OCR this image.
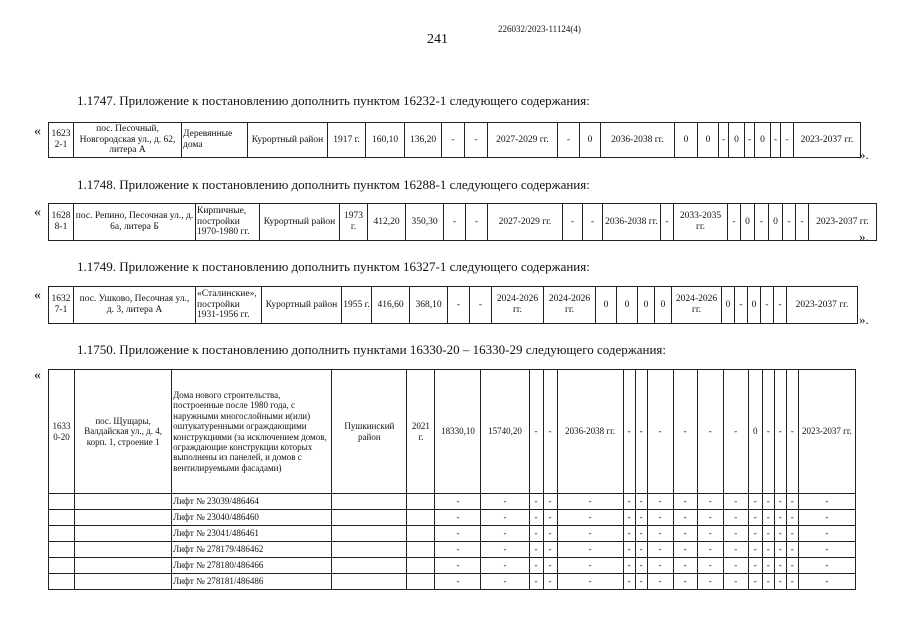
241
226032/2023-11124(4)
1.1747. Приложение к постановлению дополнить пунктом 16232-1 следующего содержания:
« 1623 2-1	пос. Песочный, Новгородская ул., д. 62, литера А	Деревянные дома	Курортный район	1917 г.	160,10	136,20	-	-	2027-2029 гг.	-	0	2036-2038 гг.	0	0	-	0	-	0	-	-	2023-2037 гг.
».
1.1748. Приложение к постановлению дополнить пунктом 16288-1 следующего содержания:
« 1628 8-1	пос. Репино, Песочная ул., д. 6а, литера Б	Кирпичные, постройки 1970-1980 гг.	Курортный район	1973 г.	412,20	350,30	-	-	2027-2029 гг.	-	-	2036-2038 гг.	-	2033-2035 гг.	-	0	-	0	-	-	2023-2037 гг.
».
1.1749. Приложение к постановлению дополнить пунктом 16327-1 следующего содержания:
« 1632 7-1	пос. Ушково, Песочная ул., д. 3, литера А	«Сталинские», постройки 1931-1956 гг.	Курортный район	1955 г.	416,60	368,10	-	-	2024-2026 гг.	2024-2026 гг.	0	0	0	0	2024-2026 гг.	0	-	0	-	-	2023-2037 гг.
».
1.1750. Приложение к постановлению дополнить пунктами 16330-20 – 16330-29 следующего содержания:
«
1633 0-20	пос. Щущары, Валдайская ул., д. 4, корп. 1, строение 1	Дома нового строительства, построенные после 1980 года, с наружными многослойными и(или) оштукатуренными ограждающими конструкциями (за исключением домов, ограждающие конструкции которых выполнены из панелей, и домов с вентилируемыми фасадами)	Пушкинский район	2021 г.	18330,10	15740,20	-	-	2036-2038 гг.	-	-	-	-	-	-	0	-	-	-	2023-2037 гг.
		Лифт № 23039/486464			-	-	-	-	-	-	-	-	-	-	-	-	-	-	-	-
		Лифт № 23040/486460			-	-	-	-	-	-	-	-	-	-	-	-	-	-	-	-
		Лифт № 23041/486461			-	-	-	-	-	-	-	-	-	-	-	-	-	-	-	-
		Лифт № 278179/486462			-	-	-	-	-	-	-	-	-	-	-	-	-	-	-	-
		Лифт № 278180/486466			-	-	-	-	-	-	-	-	-	-	-	-	-	-	-	-
		Лифт № 278181/486486			-	-	-	-	-	-	-	-	-	-	-	-	-	-	-	-
